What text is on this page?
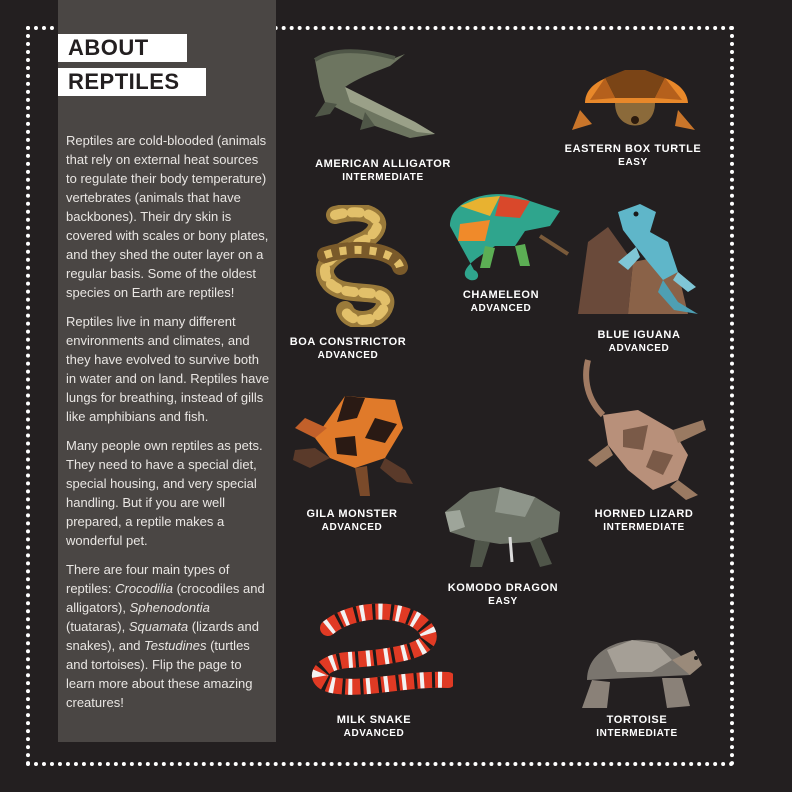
ABOUT
REPTILES

Reptiles are cold-blooded (animals that rely on external heat sources to regulate their body temperature) vertebrates (animals that have backbones). Their dry skin is covered with scales or bony plates, and they shed the outer layer on a regular basis. Some of the oldest species on Earth are reptiles!

Reptiles live in many different environments and climates, and they have evolved to survive both in water and on land. Reptiles have lungs for breathing, instead of gills like amphibians and fish.

Many people own reptiles as pets. They need to have a special diet, special housing, and very special handling. But if you are well prepared, a reptile makes a wonderful pet.

There are four main types of reptiles: Crocodilia (crocodiles and alligators), Sphenodontia (tuataras), Squamata (lizards and snakes), and Testudines (turtles and tortoises). Flip the page to learn more about these amazing creatures!

AMERICAN ALLIGATOR
INTERMEDIATE
EASTERN BOX TURTLE
EASY
CHAMELEON
ADVANCED
BOA CONSTRICTOR
ADVANCED
BLUE IGUANA
ADVANCED
GILA MONSTER
ADVANCED
HORNED LIZARD
INTERMEDIATE
KOMODO DRAGON
EASY
MILK SNAKE
ADVANCED
TORTOISE
INTERMEDIATE
